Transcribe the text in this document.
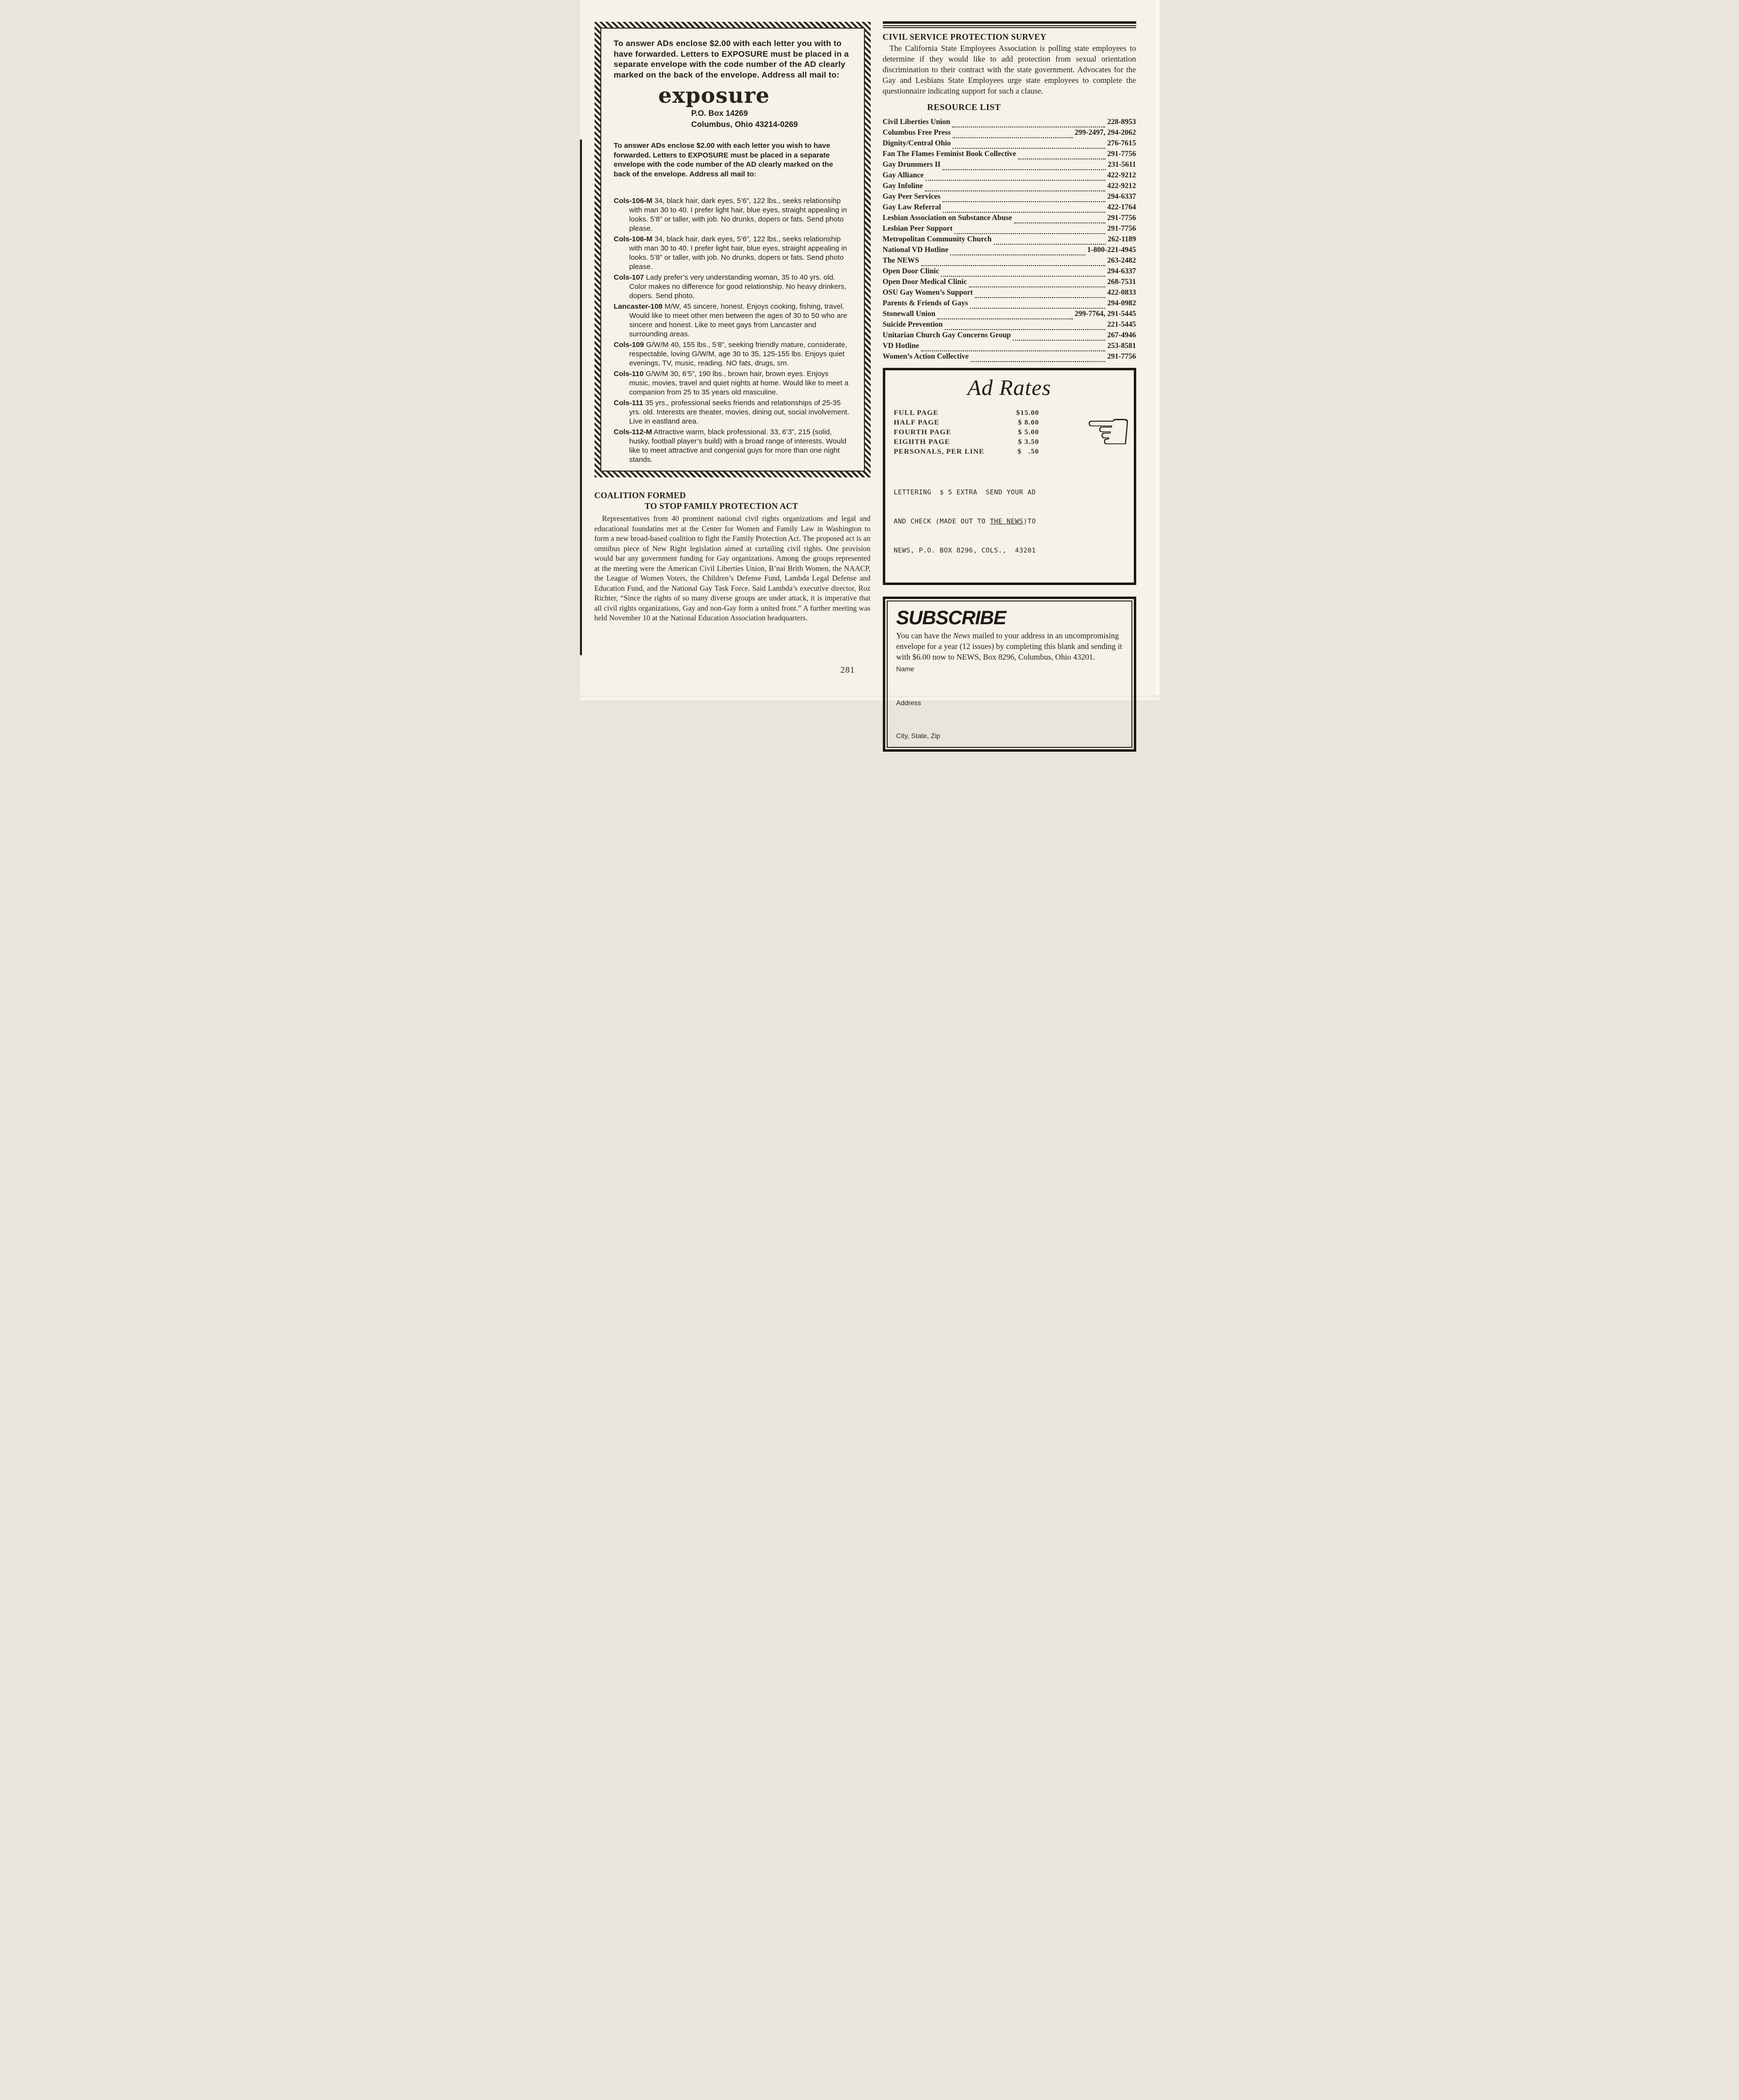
To answer ADs enclose $2.00 with each letter you with to have forwarded. Letters to EXPOSURE must be placed in a separate envelope with the code number of the AD clearly marked on the back of the envelope. Address all mail to:

exposure
P.O. Box 14269
Columbus, Ohio 43214-0269

To answer ADs enclose $2.00 with each letter you wish to have forwarded. Letters to EXPOSURE must be placed in a separate envelope with the code number of the AD clearly marked on the back of the envelope. Address all mail to:

Cols-106-M 34, black hair, dark eyes, 5’6”, 122 lbs., seeks relationsihp with man 30 to 40. I prefer light hair, blue eyes, straight appealing in looks. 5’8” or taller, with job. No drunks, dopers or fats. Send photo please.

Cols-106-M 34, black hair, dark eyes, 5’6”, 122 lbs., seeks relationship with man 30 to 40. I prefer light hair, blue eyes, straight appealing in looks. 5’8” or taller, with job. No drunks, dopers or fats. Send photo please.

Cols-107 Lady prefer’s very understanding woman, 35 to 40 yrs. old. Color makes no difference for good relationship. No heavy drinkers, dopers. Send photo.

Lancaster-108 M/W, 45 sincere, honest. Enjoys cooking, fishing, travel. Would like to meet other men between the ages of 30 to 50 who are sincere and honest. Like to meet gays from Lancaster and surrounding areas.

Cols-109 G/W/M 40, 155 lbs., 5’8”, seeking friendly mature, considerate, respectable, loving G/W/M, age 30 to 35, 125-155 lbs. Enjoys quiet evenings, TV, music, reading. NO fats, drugs, sm.

Cols-110 G/W/M 30, 6’5”, 190 lbs., brown hair, brown eyes. Enjoys music, movies, travel and quiet nights at home. Would like to meet a companion from 25 to 35 years old masculine.

Cols-111 35 yrs., professional seeks friends and relationships of 25-35 yrs. old. Interests are theater, movies, dining out, social involvement. Live in eastland area.

Cols-112-M Attractive warm, black professional. 33, 6’3”, 215 (solid, husky, football player’s build) with a broad range of interests. Would like to meet attractive and congenial guys for more than one night stands.

COALITION FORMED
TO STOP FAMILY PROTECTION ACT

Representatives from 40 prominent national civil rights organizations and legal and educational foundatins met at the Center for Women and Family Law in Washington to form a new broad-based coalition to fight the Family Protection Act. The proposed act is an omnibus piece of New Right legislation aimed at curtailing civil rights. One provision would bar any government funding for Gay organizations. Among the groups represented at the meeting were the American Civil Liberties Union, B’nai Brith Women, the NAACP, the League of Women Voters, the Children’s Defense Fund, Lambda Legal Defense and Education Fund, and the National Gay Task Force. Said Lambda’s executive director, Roz Richter, “Since the rights of so many diverse groups are under attack, it is imperative that all civil rights organizations, Gay and non-Gay form a united front.” A further meeting was held November 10 at the National Education Association headquarters.

281
CIVIL SERVICE PROTECTION SURVEY

The California State Employees Association is polling state employees to determine if they would like to add protection from sexual orientation discrimination to their contract with the state government. Advocates for the Gay and Lesbians State Employees urge state employees to complete the questionnaire indicating support for such a clause.

RESOURCE LIST
Civil Liberties Union	228-8953
Columbus Free Press	299-2497, 294-2062
Dignity/Central Ohio	276-7615
Fan The Flames Feminist Book Collective	291-7756
Gay Drummers II	231-5611
Gay Alliance	422-9212
Gay Infoline	422-9212
Gay Peer Services	294-6337
Gay Law Referral	422-1764
Lesbian Association on Substance Abuse	291-7756
Lesbian Peer Support	291-7756
Metropolitan Community Church	262-1189
National VD Hotline	1-800-221-4945
The NEWS	263-2482
Open Door Clinic	294-6337
Open Door Medical Clinic	268-7531
OSU Gay Women’s Support	422-0833
Parents & Friends of Gays	294-0982
Stonewall Union	299-7764, 291-5445
Suicide Prevention	221-5445
Unitarian Church Gay Concerns Group	267-4946
VD Hotline	253-8581
Women’s Action Collective	291-7756
Ad Rates
☜
FULL PAGE	$15.00
HALF PAGE	$ 8.00
FOURTH PAGE	$ 5.00
EIGHTH PAGE	$ 3.50
PERSONALS, PER LINE	$   .50

LETTERING  $ 5 EXTRA  SEND YOUR AD

AND CHECK (MADE OUT TO THE NEWS)TO

NEWS, P.O. BOX 8296, COLS.,  43201

SUBSCRIBE

You can have the News mailed to your address in an uncompromising envelope for a year (12 issues) by completing this blank and sending it with $6.00 now to NEWS, Box 8296, Columbus, Ohio 43201.

Name
Address
City, State, Zip
